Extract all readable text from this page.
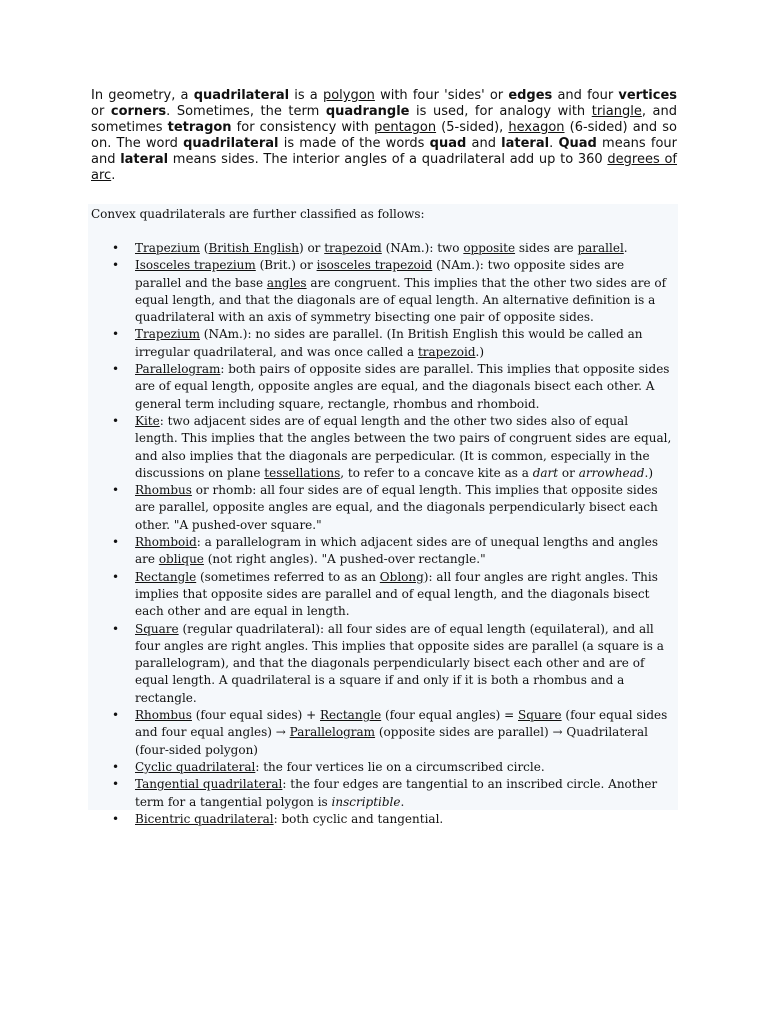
In geometry, a quadrilateral is a polygon with four 'sides' or edges and four vertices or corners. Sometimes, the term quadrangle is used, for analogy with triangle, and sometimes tetragon for consistency with pentagon (5-sided), hexagon (6-sided) and so on. The word quadrilateral is made of the words quad and lateral. Quad means four and lateral means sides. The interior angles of a quadrilateral add up to 360 degrees of arc.

Convex quadrilaterals are further classified as follows:

• Trapezium (British English) or trapezoid (NAm.): two opposite sides are parallel.
• Isosceles trapezium (Brit.) or isosceles trapezoid (NAm.): two opposite sides are parallel and the base angles are congruent. This implies that the other two sides are of equal length, and that the diagonals are of equal length. An alternative definition is a quadrilateral with an axis of symmetry bisecting one pair of opposite sides.
• Trapezium (NAm.): no sides are parallel. (In British English this would be called an irregular quadrilateral, and was once called a trapezoid.)
• Parallelogram: both pairs of opposite sides are parallel. This implies that opposite sides are of equal length, opposite angles are equal, and the diagonals bisect each other. A general term including square, rectangle, rhombus and rhomboid.
• Kite: two adjacent sides are of equal length and the other two sides also of equal length. This implies that the angles between the two pairs of congruent sides are equal, and also implies that the diagonals are perpedicular. (It is common, especially in the discussions on plane tessellations, to refer to a concave kite as a dart or arrowhead.)
• Rhombus or rhomb: all four sides are of equal length. This implies that opposite sides are parallel, opposite angles are equal, and the diagonals perpendicularly bisect each other. "A pushed-over square."
• Rhomboid: a parallelogram in which adjacent sides are of unequal lengths and angles are oblique (not right angles). "A pushed-over rectangle."
• Rectangle (sometimes referred to as an Oblong): all four angles are right angles. This implies that opposite sides are parallel and of equal length, and the diagonals bisect each other and are equal in length.
• Square (regular quadrilateral): all four sides are of equal length (equilateral), and all four angles are right angles. This implies that opposite sides are parallel (a square is a parallelogram), and that the diagonals perpendicularly bisect each other and are of equal length. A quadrilateral is a square if and only if it is both a rhombus and a rectangle.
• Rhombus (four equal sides) + Rectangle (four equal angles) = Square (four equal sides and four equal angles) → Parallelogram (opposite sides are parallel) → Quadrilateral (four-sided polygon)
• Cyclic quadrilateral: the four vertices lie on a circumscribed circle.
• Tangential quadrilateral: the four edges are tangential to an inscribed circle. Another term for a tangential polygon is inscriptible.
• Bicentric quadrilateral: both cyclic and tangential.
